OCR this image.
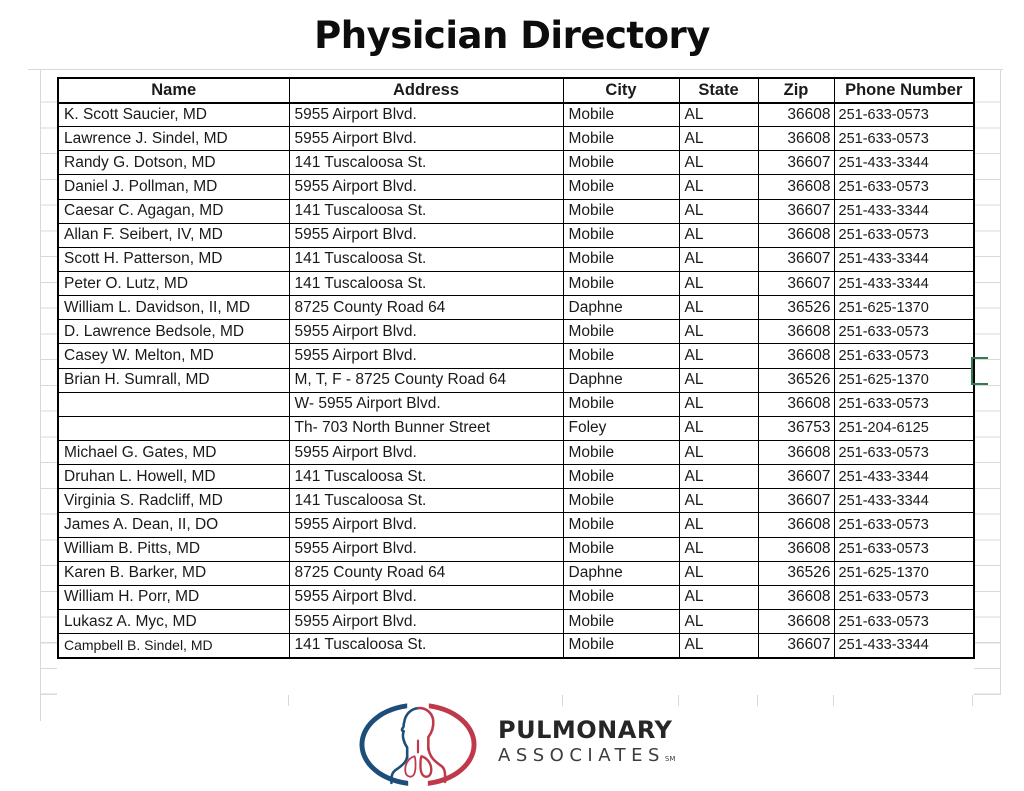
Physician Directory
Name	Address	City	State	Zip	Phone Number
K. Scott Saucier, MD	5955 Airport Blvd.	Mobile	AL	36608	251-633-0573
Lawrence J. Sindel, MD	5955 Airport Blvd.	Mobile	AL	36608	251-633-0573
Randy G. Dotson, MD	141 Tuscaloosa St.	Mobile	AL	36607	251-433-3344
Daniel J. Pollman, MD	5955 Airport Blvd.	Mobile	AL	36608	251-633-0573
Caesar C. Agagan, MD	141 Tuscaloosa St.	Mobile	AL	36607	251-433-3344
Allan F. Seibert, IV, MD	5955 Airport Blvd.	Mobile	AL	36608	251-633-0573
Scott H. Patterson, MD	141 Tuscaloosa St.	Mobile	AL	36607	251-433-3344
Peter O. Lutz, MD	141 Tuscaloosa St.	Mobile	AL	36607	251-433-3344
William L. Davidson, II, MD	8725 County Road 64	Daphne	AL	36526	251-625-1370
D. Lawrence Bedsole, MD	5955 Airport Blvd.	Mobile	AL	36608	251-633-0573
Casey W. Melton, MD	5955 Airport Blvd.	Mobile	AL	36608	251-633-0573
Brian H. Sumrall, MD	M, T, F - 8725 County Road 64	Daphne	AL	36526	251-625-1370
	W- 5955 Airport Blvd.	Mobile	AL	36608	251-633-0573
	Th- 703 North Bunner Street	Foley	AL	36753	251-204-6125
Michael G. Gates, MD	5955 Airport Blvd.	Mobile	AL	36608	251-633-0573
Druhan L. Howell, MD	141 Tuscaloosa St.	Mobile	AL	36607	251-433-3344
Virginia S. Radcliff, MD	141 Tuscaloosa St.	Mobile	AL	36607	251-433-3344
James A. Dean, II, DO	5955 Airport Blvd.	Mobile	AL	36608	251-633-0573
William B. Pitts, MD	5955 Airport Blvd.	Mobile	AL	36608	251-633-0573
Karen B. Barker, MD	8725 County Road 64	Daphne	AL	36526	251-625-1370
William H. Porr, MD	5955 Airport Blvd.	Mobile	AL	36608	251-633-0573
Lukasz A. Myc, MD	5955 Airport Blvd.	Mobile	AL	36608	251-633-0573
Campbell B. Sindel, MD	141 Tuscaloosa St.	Mobile	AL	36607	251-433-3344
PULMONARY
ASSOCIATESSM
